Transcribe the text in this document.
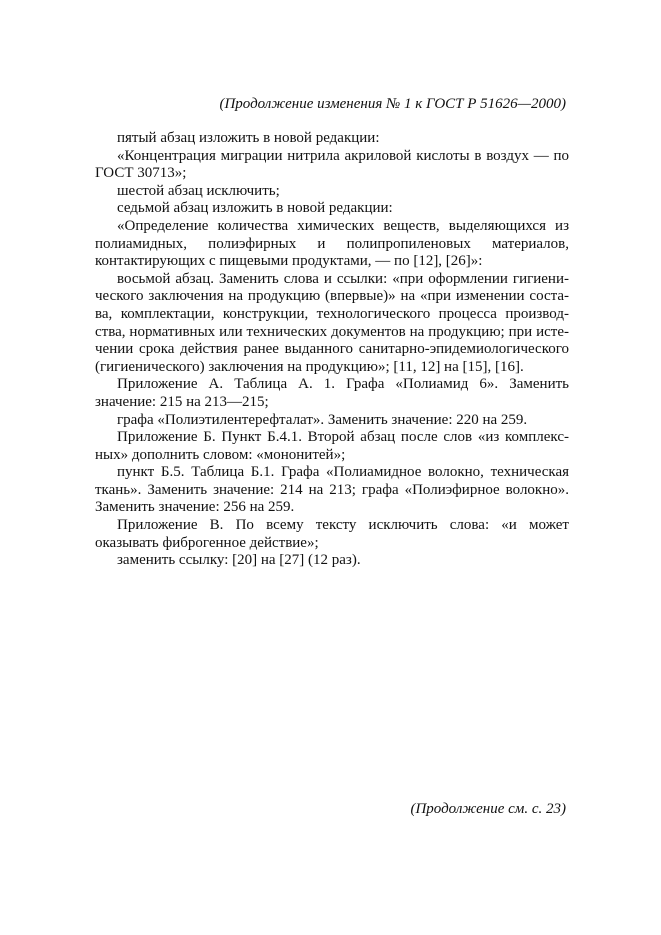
(Продолжение изменения № 1 к ГОСТ Р 51626—2000)

пятый абзац изложить в новой редакции:

«Концентрация миграции нитрила акриловой кислоты в воздух — по ГОСТ 30713»;

шестой абзац исключить;

седьмой абзац изложить в новой редакции:

«Определение количества химических веществ, выделяющихся из полиамидных, полиэфирных и полипропиленовых материалов, контактирующих с пищевыми продуктами, — по [12], [26]»:

восьмой абзац. Заменить слова и ссылки: «при оформлении гигиенического заключения на продукцию (впервые)» на «при изменении состава, комплектации, конструкции, технологического процесса производства, нормативных или технических документов на продукцию; при истечении срока действия ранее выданного санитарно-эпидемиологического (гигиенического) заключения на продукцию»; [11, 12] на [15], [16].

Приложение А. Таблица А. 1. Графа «Полиамид 6». Заменить значение: 215 на 213—215;

графа «Полиэтилентерефталат». Заменить значение: 220 на 259.

Приложение Б. Пункт Б.4.1. Второй абзац после слов «из комплексных» дополнить словом: «мононитей»;

пункт Б.5. Таблица Б.1. Графа «Полиамидное волокно, техническая ткань». Заменить значение: 214 на 213; графа «Полиэфирное волокно». Заменить значение: 256 на 259.

Приложение В. По всему тексту исключить слова: «и может оказывать фиброгенное действие»;

заменить ссылку: [20] на [27] (12 раз).

(Продолжение см. с. 23)
